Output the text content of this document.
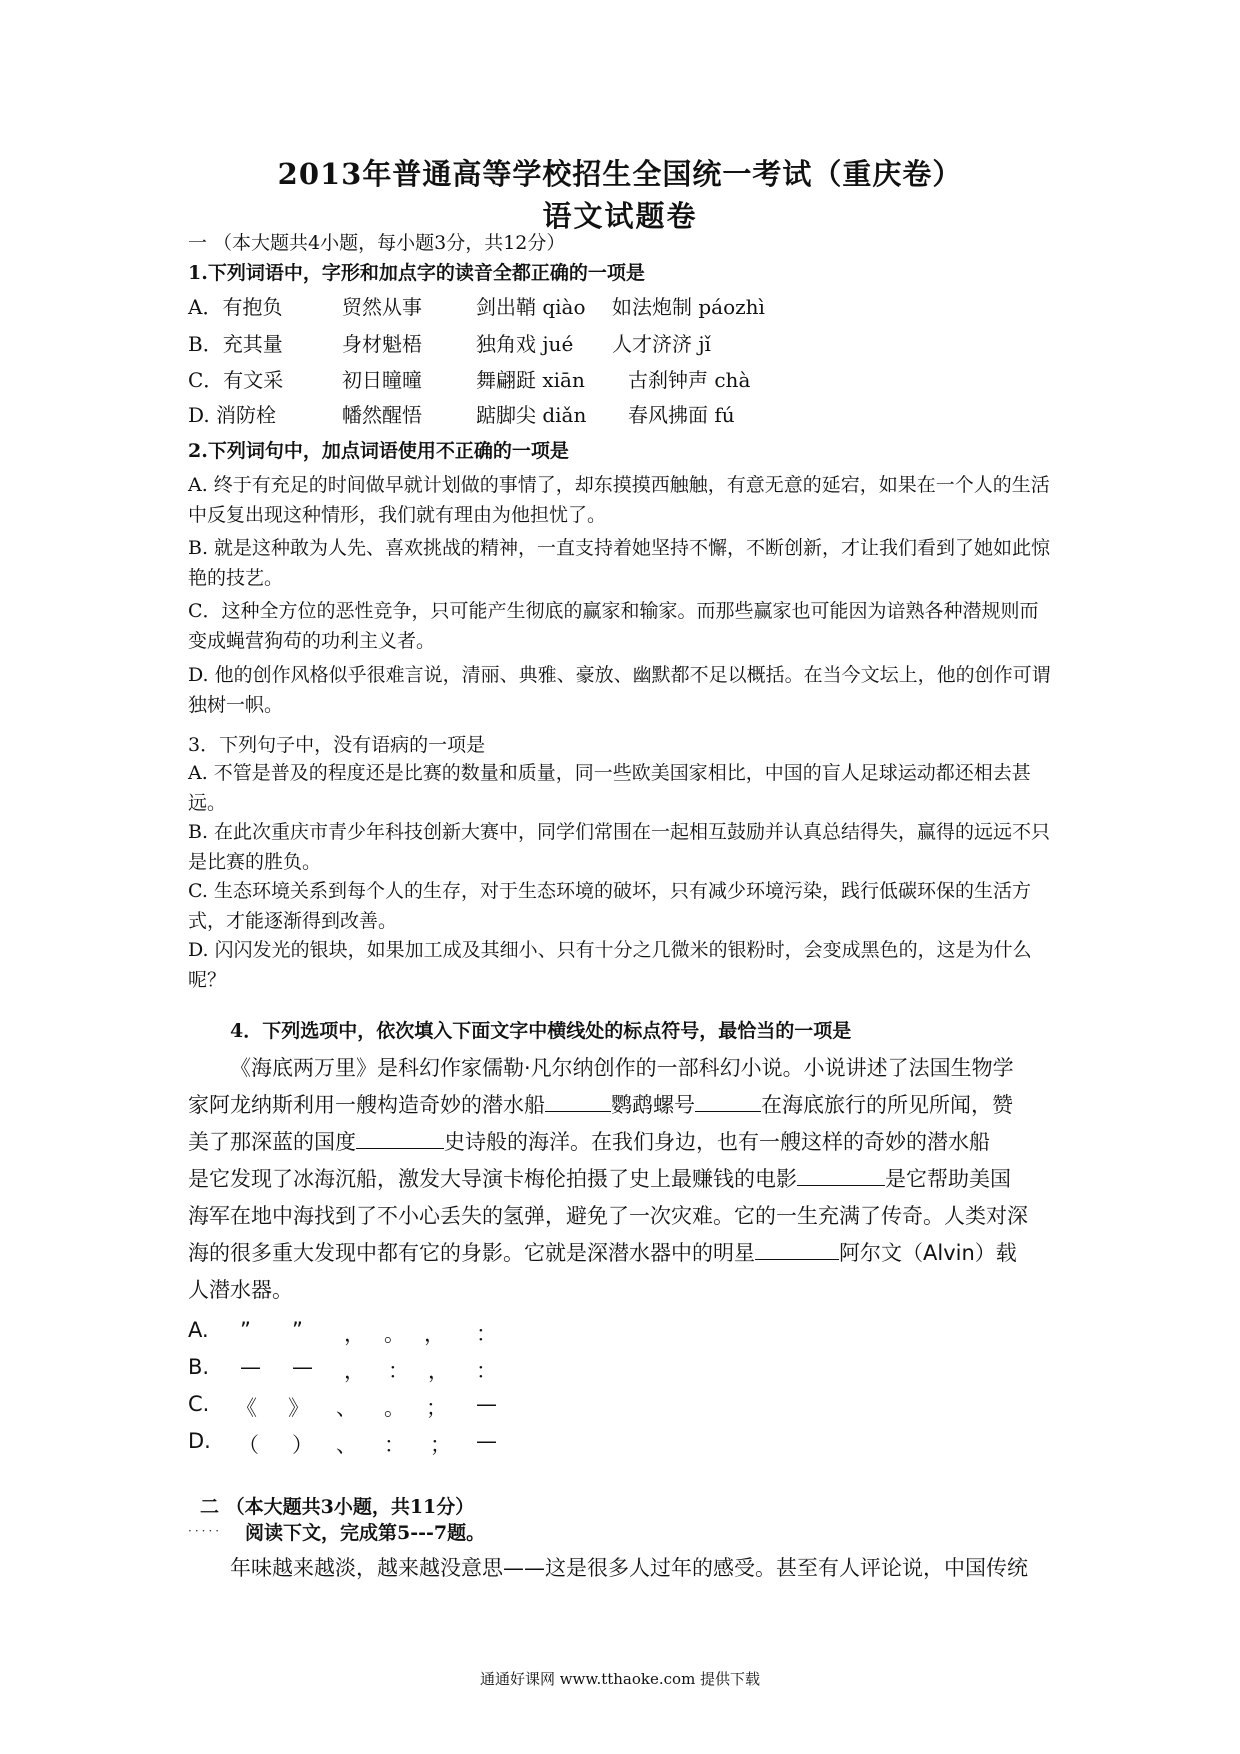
2013年普通高等学校招生全国统一考试（重庆卷）
语文试题卷
一 （本大题共4小题，每小题3分，共12分）
1.下列词语中，字形和加点字的读音全都正确的一项是
A．有抱负	贸然从事	剑出鞘 qiào 如法炮制 páozhì
B．充其量	身材魁梧	独角戏 jué 人才济济 jǐ
C．有文采	初日瞳曈	舞翩跹 xiān 古刹钟声 chà
D. 消防栓	幡然醒悟	踮脚尖 diǎn 春风拂面 fú
2.下列词句中，加点词语使用不正确的一项是
A. 终于有充足的时间做早就计划做的事情了，却东摸摸西触触，有意无意的延宕，如果在一个人的生活中反复出现这种情形，我们就有理由为他担忧了。
B. 就是这种敢为人先、喜欢挑战的精神，一直支持着她坚持不懈，不断创新，才让我们看到了她如此惊艳的技艺。
C．这种全方位的恶性竞争，只可能产生彻底的赢家和输家。而那些赢家也可能因为谙熟各种潜规则而变成蝇营狗苟的功利主义者。
D. 他的创作风格似乎很难言说，清丽、典雅、豪放、幽默都不足以概括。在当今文坛上，他的创作可谓独树一帜。
3．下列句子中，没有语病的一项是
A. 不管是普及的程度还是比赛的数量和质量，同一些欧美国家相比，中国的盲人足球运动都还相去甚远。
B. 在此次重庆市青少年科技创新大赛中，同学们常围在一起相互鼓励并认真总结得失，赢得的远远不只是比赛的胜负。
C. 生态环境关系到每个人的生存，对于生态环境的破坏，只有减少环境污染，践行低碳环保的生活方式，才能逐渐得到改善。
D. 闪闪发光的银块，如果加工成及其细小、只有十分之几微米的银粉时，会变成黑色的，这是为什么呢？
4．下列选项中，依次填入下面文字中横线处的标点符号，最恰当的一项是
《海底两万里》是科幻作家儒勒·凡尔纳创作的一部科幻小说。小说讲述了法国生物学
家阿龙纳斯利用一艘构造奇妙的潜水船	鹦鹉螺号	在海底旅行的所见所闻，赞
美了那深蓝的国度	史诗般的海洋。在我们身边，也有一艘这样的奇妙的潜水船
是它发现了冰海沉船，激发大导演卡梅伦拍摄了史上最赚钱的电影	是它帮助美国
海军在地中海找到了不小心丢失的氢弹，避免了一次灾难。它的一生充满了传奇。人类对深
海的很多重大发现中都有它的身影。它就是深潜水器中的明星	阿尔文（Alvin）载
人潜水器。
A. ” ” ， 。 ， ：
B. — — ， ： ， ：
C. 《 》 、 。 ； —
D. （ ） 、 ： ； —
二 （本大题共3小题，共11分）
····· 阅读下文，完成第5---7题。
年味越来越淡，越来越没意思——这是很多人过年的感受。甚至有人评论说，中国传统
通通好课网 www.tthaoke.com 提供下载
